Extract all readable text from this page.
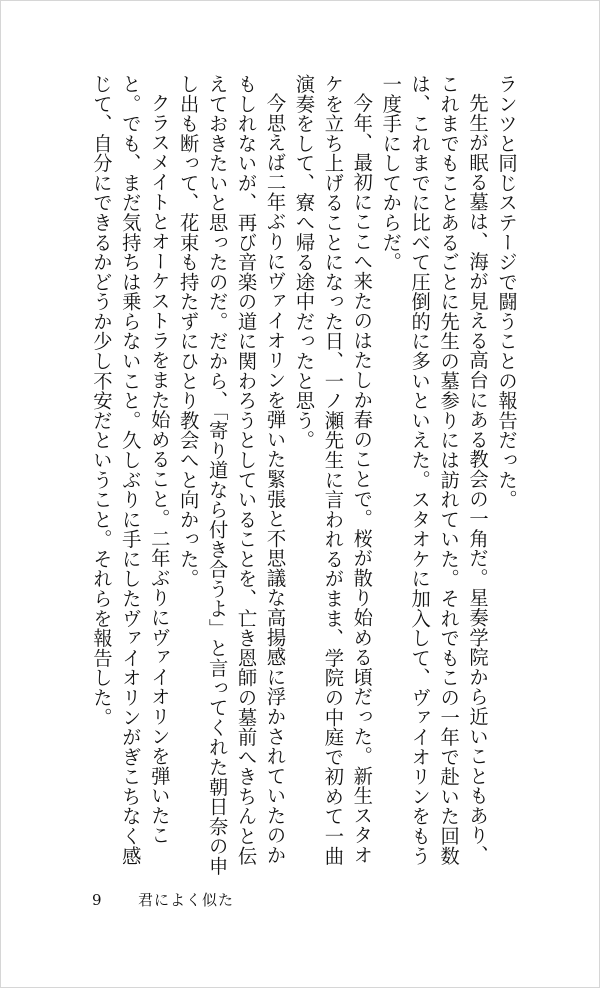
ランツと同じステージで闘うことの報告だった。

先生が眠る墓は、海が見える高台にある教会の一角だ。星奏学院から近いこともあり、これまでもことあるごとに先生の墓参りには訪れていた。それでもこの一年で赴いた回数は、これまでに比べて圧倒的に多いといえた。スタオケに加入して、ヴァイオリンをもう一度手にしてからだ。

今年、最初にここへ来たのはたしか春のことで。桜が散り始める頃だった。新生スタオケを立ち上げることになった日、一ノ瀬先生に言われるがまま、学院の中庭で初めて一曲演奏をして、寮へ帰る途中だったと思う。

今思えば二年ぶりにヴァイオリンを弾いた緊張と不思議な高揚感に浮かされていたのかもしれないが、再び音楽の道に関わろうとしていることを、亡き恩師の墓前へきちんと伝えておきたいと思ったのだ。だから、「寄り道なら付き合うよ」と言ってくれた朝日奈の申し出も断って、花束も持たずにひとり教会へと向かった。

クラスメイトとオーケストラをまた始めること。二年ぶりにヴァイオリンを弾いたこと。でも、まだ気持ちは乗らないこと。久しぶりに手にしたヴァイオリンがぎこちなく感じて、自分にできるかどうか少し不安だということ。それらを報告した。

9	君によく似た
